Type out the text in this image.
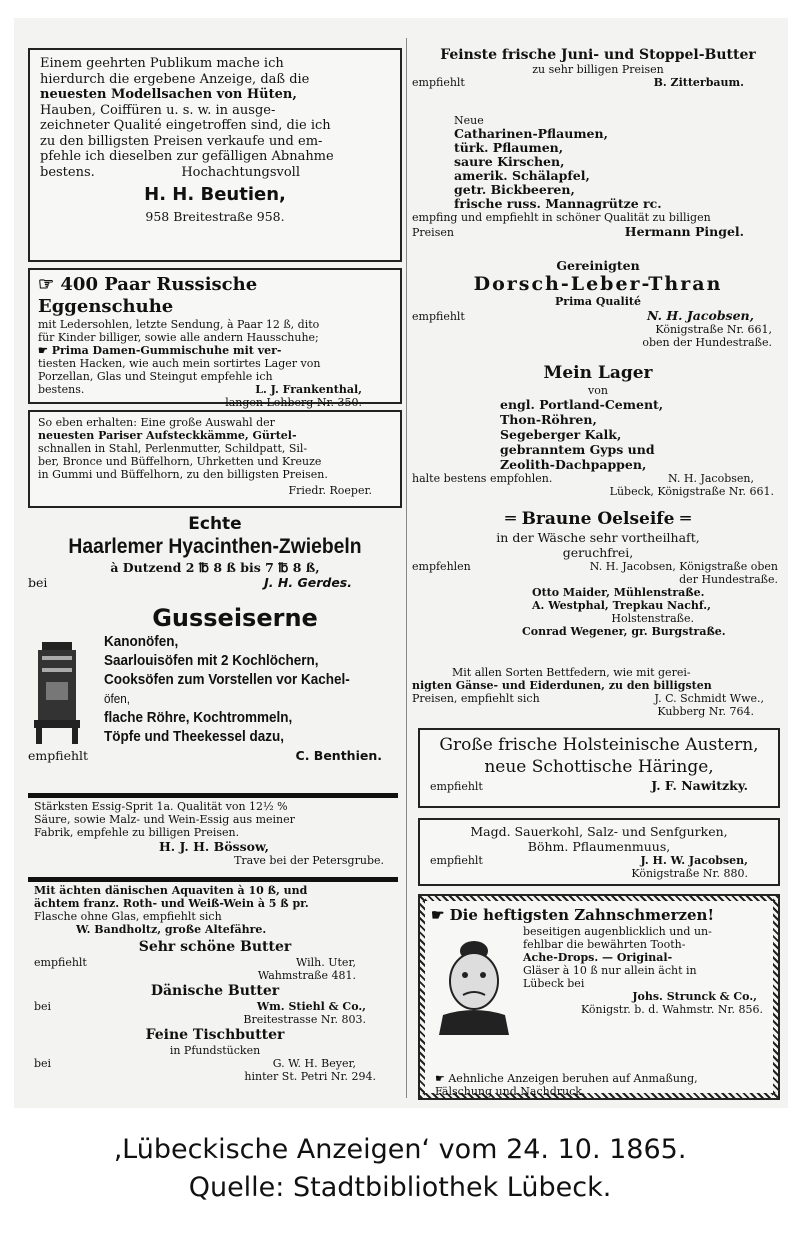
Einem geehrten Publikum mache ich
hierdurch die ergebene Anzeige, daß die
neuesten Modellsachen von Hüten,
Hauben, Coiffüren u. s. w. in ausge-
zeichneter Qualité eingetroffen sind, die ich
zu den billigsten Preisen verkaufe und em-
pfehle ich dieselben zur gefälligen Abnahme
bestens.	Hochachtungsvoll
H. H. Beutien,
958 Breitestraße 958.
☞ 400 Paar Russische Eggenschuhe
mit Ledersohlen, letzte Sendung, à Paar 12 ß, dito
für Kinder billiger, sowie alle andern Hausschuhe;
☛ Prima Damen-Gummischuhe mit ver-
tiesten Hacken, wie auch mein sortirtes Lager von
Porzellan, Glas und Steingut empfehle ich
bestens.	L. J. Frankenthal,
langen Lohberg Nr. 350.
So eben erhalten: Eine große Auswahl der
neuesten Pariser Aufsteckkämme, Gürtel-
schnallen in Stahl, Perlenmutter, Schildpatt, Sil-
ber, Bronce und Büffelhorn, Uhrketten und Kreuze
in Gummi und Büffelhorn, zu den billigsten Preisen.
Friedr. Roeper.
Echte
Haarlemer Hyacinthen-Zwiebeln
à Dutzend 2 ℔ 8 ß bis 7 ℔ 8 ß,
bei	J. H. Gerdes.
Gusseiserne
Kanonöfen,
Saarlouisöfen mit 2 Kochlöchern,
Cooksöfen zum Vorstellen vor Kachel-
öfen,
flache Röhre, Kochtrommeln,
Töpfe und Theekessel dazu,
empfiehlt	C. Benthien.
Stärksten Essig-Sprit 1a. Qualität von 12½ %
Säure, sowie Malz- und Wein-Essig aus meiner
Fabrik, empfehle zu billigen Preisen.
H. J. H. Bössow,
Trave bei der Petersgrube.
Mit ächten dänischen Aquaviten à 10 ß, und
ächtem franz. Roth- und Weiß-Wein à 5 ß pr.
Flasche ohne Glas, empfiehlt sich
W. Bandholtz, große Altefähre.
Sehr schöne Butter
empfiehlt	Wilh. Uter,
Wahmstraße 481.
Dänische Butter
bei	Wm. Stiehl & Co.,
Breitestrasse Nr. 803.
Feine Tischbutter
in Pfundstücken
bei	G. W. H. Beyer,
hinter St. Petri Nr. 294.
Feinste frische Juni- und Stoppel-Butter
zu sehr billigen Preisen
empfiehlt	B. Zitterbaum.
Neue
Catharinen-Pflaumen,
türk. Pflaumen,
saure Kirschen,
amerik. Schälapfel,
getr. Bickbeeren,
frische russ. Mannagrütze rc.
empfing und empfiehlt in schöner Qualität zu billigen
Preisen	Hermann Pingel.
Gereinigten
Dorsch-Leber-Thran
Prima Qualité
empfiehlt	N. H. Jacobsen,
Königstraße Nr. 661,
oben der Hundestraße.
Mein Lager
von
engl. Portland-Cement,
Thon-Röhren,
Segeberger Kalk,
gebranntem Gyps und
Zeolith-Dachpappen,
halte bestens empfohlen.	N. H. Jacobsen,
Lübeck, Königstraße Nr. 661.
═ Braune Oelseife ═
in der Wäsche sehr vortheilhaft,
geruchfrei,
empfehlen	N. H. Jacobsen, Königstraße oben
der Hundestraße.
Otto Maider, Mühlenstraße.
A. Westphal, Trepkau Nachf.,
Holstenstraße.
Conrad Wegener, gr. Burgstraße.
Mit allen Sorten Bettfedern, wie mit gerei-
nigten Gänse- und Eiderdunen, zu den billigsten
Preisen, empfiehlt sich	J. C. Schmidt Wwe.,
Kubberg Nr. 764.
Große frische Holsteinische Austern,
neue Schottische Häringe,
empfiehlt	J. F. Nawitzky.
Magd. Sauerkohl, Salz- und Senfgurken,
Böhm. Pflaumenmuus,
empfiehlt	J. H. W. Jacobsen,
Königstraße Nr. 880.
☛ Die heftigsten Zahnschmerzen!
beseitigen augenblicklich und un-
fehlbar die bewährten Tooth-
Ache-Drops. — Original-
Gläser à 10 ß nur allein ächt in
Lübeck bei
Johs. Strunck & Co.,
Königstr. b. d. Wahmstr. Nr. 856.
☛ Aehnliche Anzeigen beruhen auf Anmaßung,
Fälschung und Nachdruck.
‚Lübeckische Anzeigen‘ vom 24. 10. 1865.
Quelle: Stadtbibliothek Lübeck.
